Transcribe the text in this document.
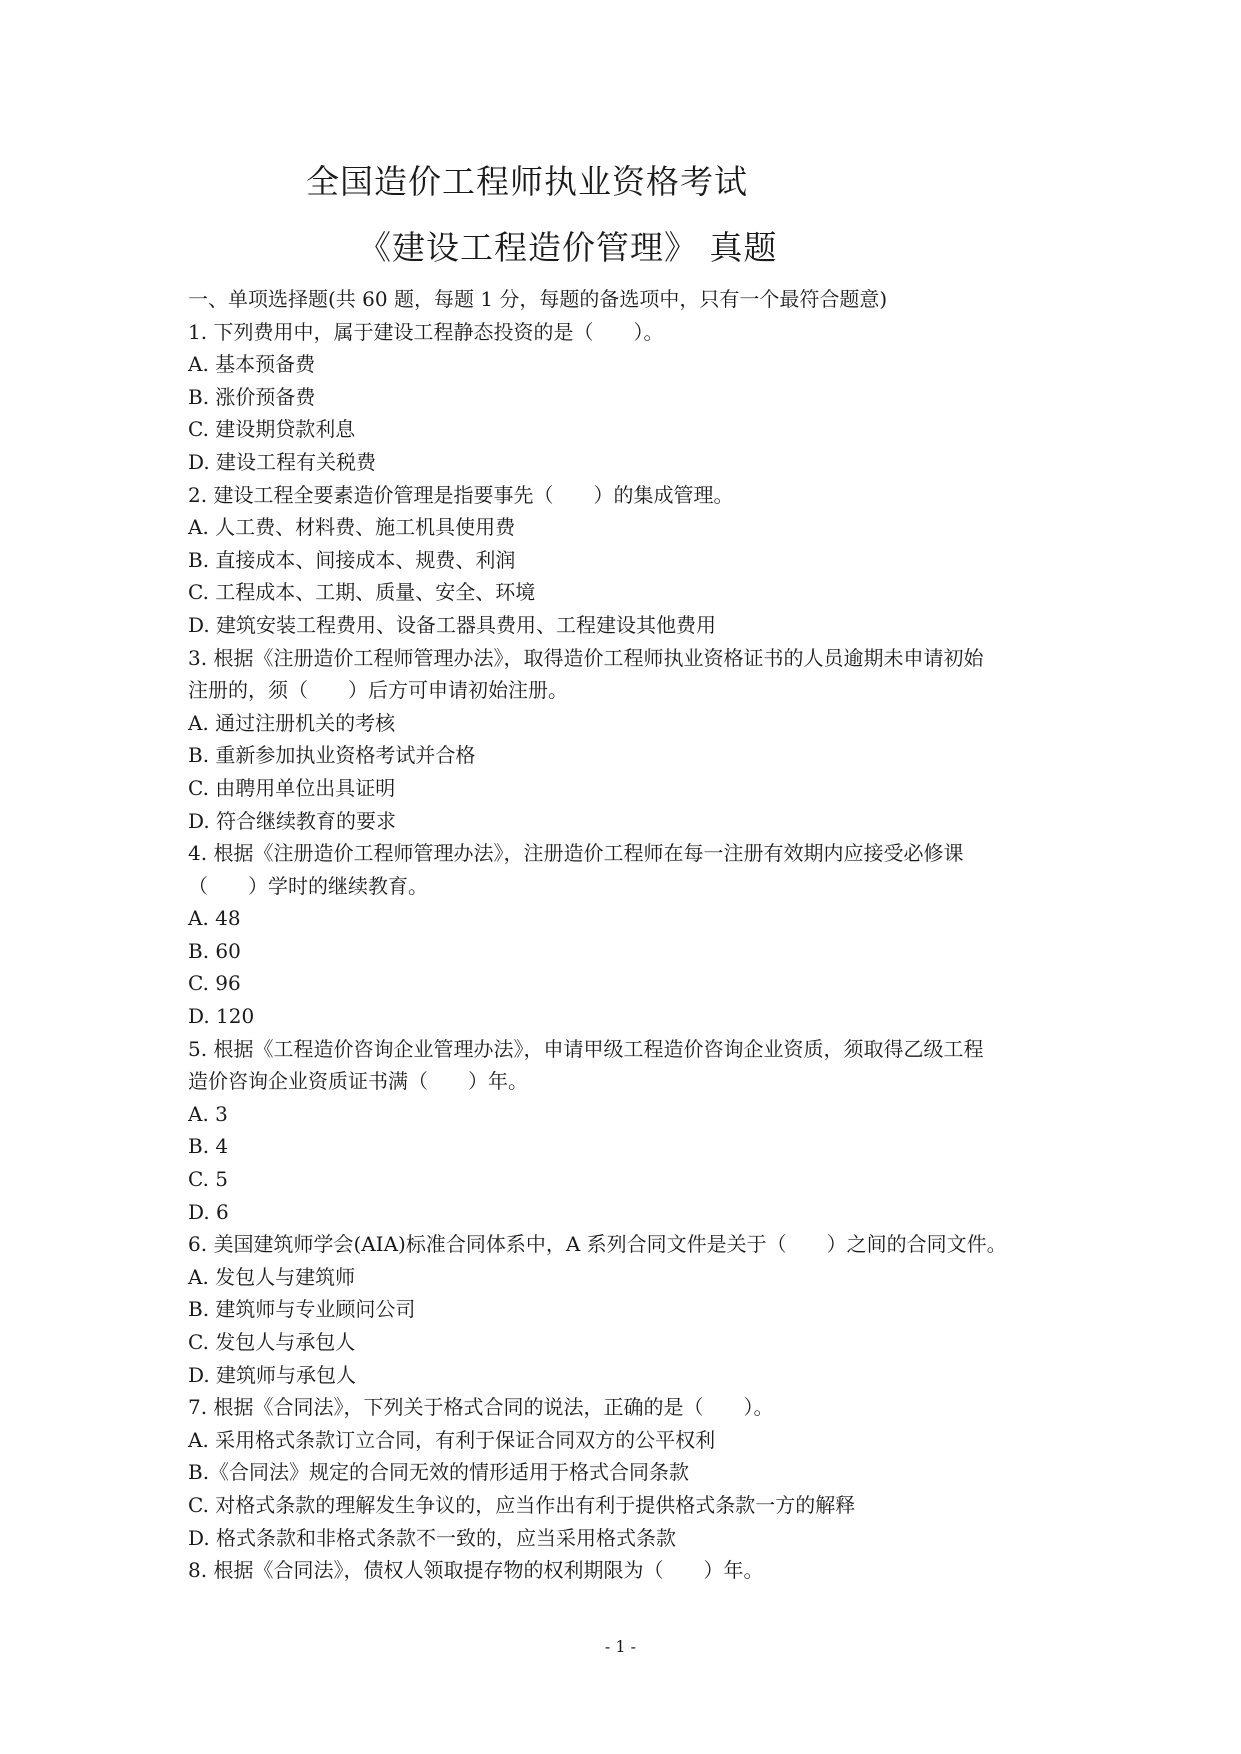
全国造价工程师执业资格考试
《建设工程造价管理》 真题
一、单项选择题(共 60 题，每题 1 分，每题的备选项中，只有一个最符合题意)
1. 下列费用中，属于建设工程静态投资的是（　　）。
A. 基本预备费
B. 涨价预备费
C. 建设期贷款利息
D. 建设工程有关税费
2. 建设工程全要素造价管理是指要事先（　　）的集成管理。
A. 人工费、材料费、施工机具使用费
B. 直接成本、间接成本、规费、利润
C. 工程成本、工期、质量、安全、环境
D. 建筑安装工程费用、设备工器具费用、工程建设其他费用
3. 根据《注册造价工程师管理办法》，取得造价工程师执业资格证书的人员逾期未申请初始
注册的，须（　　）后方可申请初始注册。
A. 通过注册机关的考核
B. 重新参加执业资格考试并合格
C. 由聘用单位出具证明
D. 符合继续教育的要求
4. 根据《注册造价工程师管理办法》，注册造价工程师在每一注册有效期内应接受必修课
（　　）学时的继续教育。
A. 48
B. 60
C. 96
D. 120
5. 根据《工程造价咨询企业管理办法》，申请甲级工程造价咨询企业资质，须取得乙级工程
造价咨询企业资质证书满（　　）年。
A. 3
B. 4
C. 5
D. 6
6. 美国建筑师学会(AIA)标准合同体系中，A 系列合同文件是关于（　　）之间的合同文件。
A. 发包人与建筑师
B. 建筑师与专业顾问公司
C. 发包人与承包人
D. 建筑师与承包人
7. 根据《合同法》，下列关于格式合同的说法，正确的是（　　）。
A. 采用格式条款订立合同，有利于保证合同双方的公平权利
B.《合同法》规定的合同无效的情形适用于格式合同条款
C. 对格式条款的理解发生争议的，应当作出有利于提供格式条款一方的解释
D. 格式条款和非格式条款不一致的，应当采用格式条款
8. 根据《合同法》，债权人领取提存物的权利期限为（　　）年。
- 1 -
